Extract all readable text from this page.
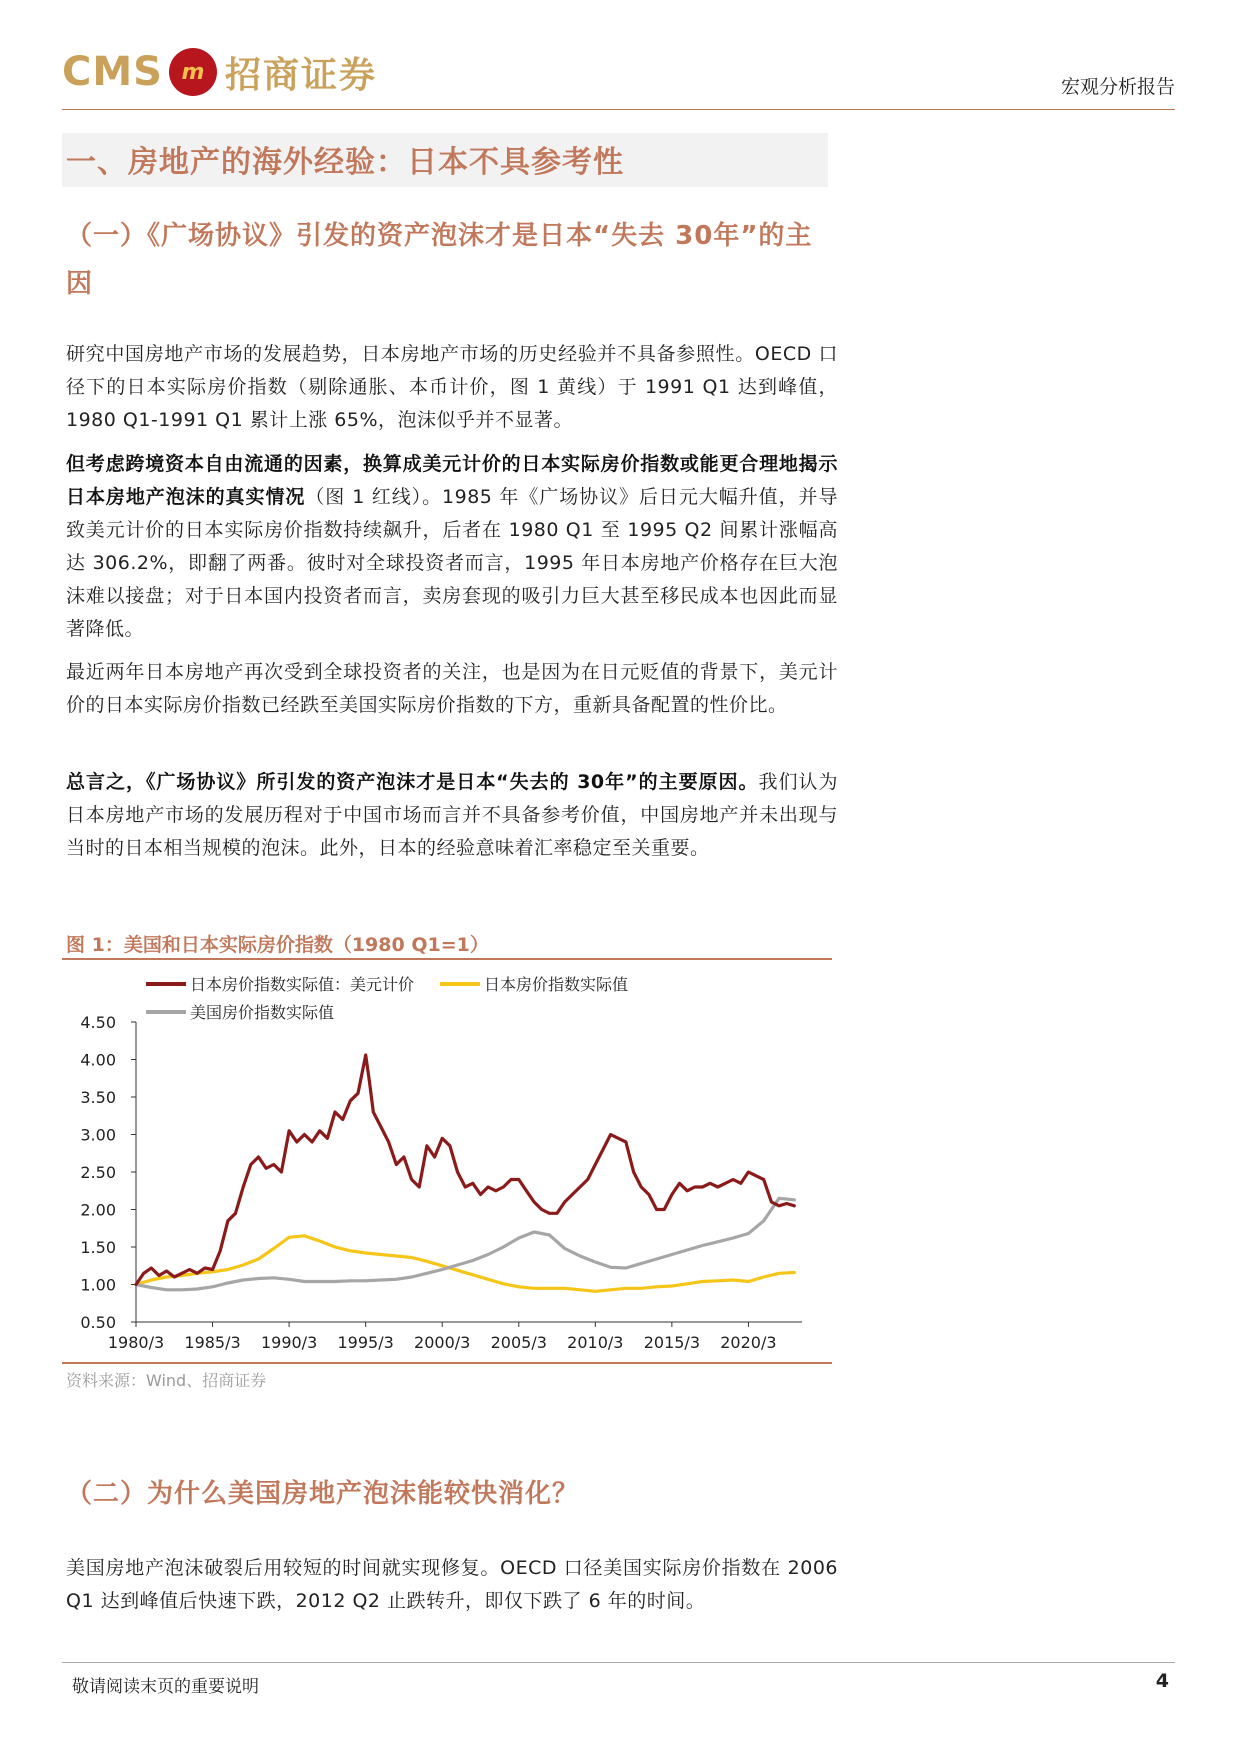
CMS m 招商证券	宏观分析报告
一、房地产的海外经验：日本不具参考性
（一）《广场协议》引发的资产泡沫才是日本“失去 30年”的主因
研究中国房地产市场的发展趋势，日本房地产市场的历史经验并不具备参照性。OECD 口径下的日本实际房价指数（剔除通胀、本币计价，图 1 黄线）于 1991 Q1 达到峰值，1980 Q1-1991 Q1 累计上涨 65%，泡沫似乎并不显著。
但考虑跨境资本自由流通的因素，换算成美元计价的日本实际房价指数或能更合理地揭示日本房地产泡沫的真实情况（图 1 红线）。1985 年《广场协议》后日元大幅升值，并导致美元计价的日本实际房价指数持续飙升，后者在 1980 Q1 至 1995 Q2 间累计涨幅高达 306.2%，即翻了两番。彼时对全球投资者而言，1995 年日本房地产价格存在巨大泡沫难以接盘；对于日本国内投资者而言，卖房套现的吸引力巨大甚至移民成本也因此而显著降低。
最近两年日本房地产再次受到全球投资者的关注，也是因为在日元贬值的背景下，美元计价的日本实际房价指数已经跌至美国实际房价指数的下方，重新具备配置的性价比。
总言之，《广场协议》所引发的资产泡沫才是日本“失去的 30年”的主要原因。我们认为日本房地产市场的发展历程对于中国市场而言并不具备参考价值，中国房地产并未出现与当时的日本相当规模的泡沫。此外，日本的经验意味着汇率稳定至关重要。
图 1：美国和日本实际房价指数（1980 Q1=1）
0.50
1.00
1.50
2.00
2.50
3.00
3.50
4.00
4.50
1980/3 1985/3 1990/3 1995/3 2000/3 2005/3 2010/3 2015/3 2020/3
日本房价指数实际值：美元计价	日本房价指数实际值
美国房价指数实际值
资料来源：Wind、招商证券
（二）为什么美国房地产泡沫能较快消化？
美国房地产泡沫破裂后用较短的时间就实现修复。OECD 口径美国实际房价指数在 2006 Q1 达到峰值后快速下跌，2012 Q2 止跌转升，即仅下跌了 6 年的时间。
敬请阅读末页的重要说明	4
